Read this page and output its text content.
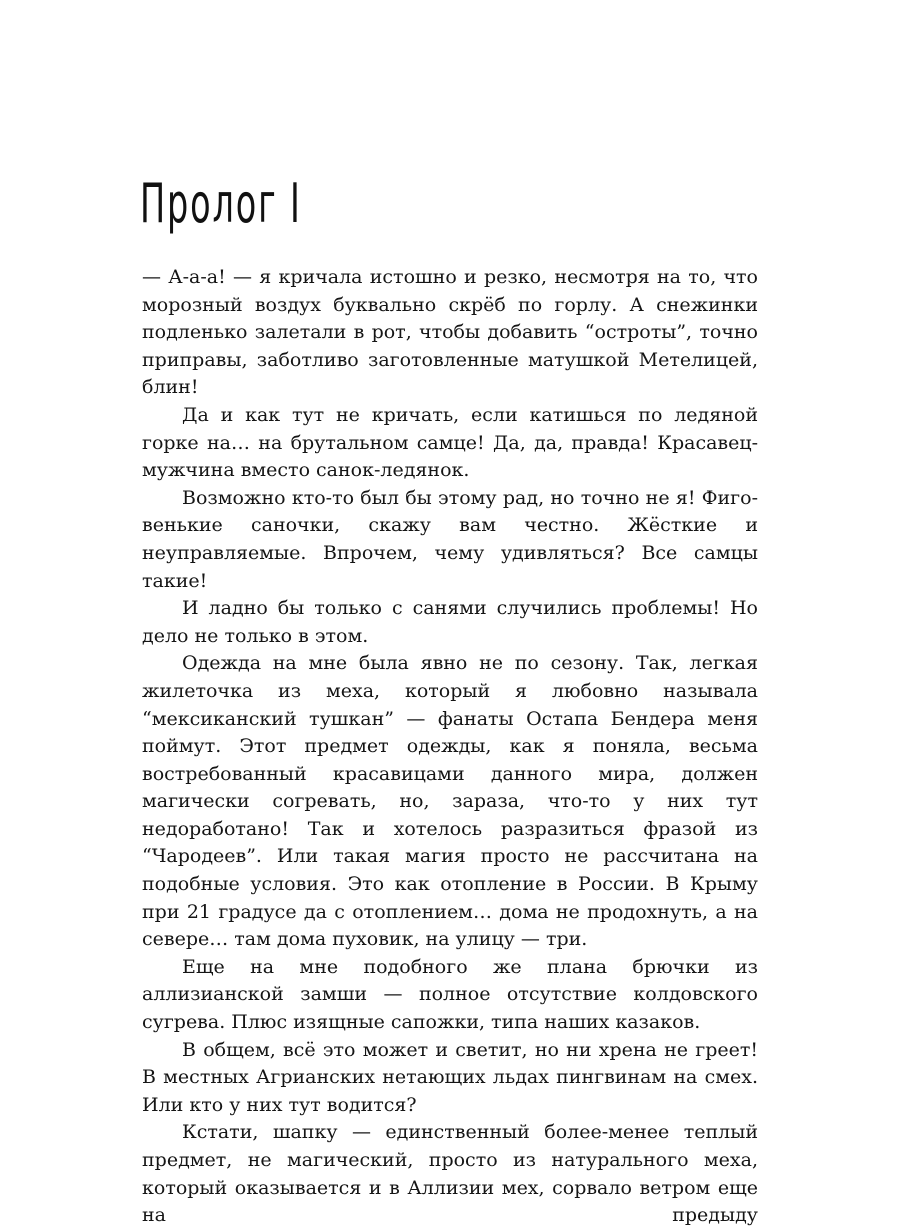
Пролог I

— А-а-а! — я кричала истошно и резко, несмотря на то, что морозный воздух буквально скрёб по горлу. А снежинки подленько залетали в рот, чтобы добавить “остроты”, точно приправы, заботливо заготовленные матушкой Метелицей, блин!

Да и как тут не кричать, если катишься по ледяной горке на… на брутальном самце! Да, да, правда! Красавец-мужчина вместо санок-ледянок.

Возможно кто-то был бы этому рад, но точно не я! Фиговенькие саночки, скажу вам честно. Жёсткие и неуправляемые. Впрочем, чему удивляться? Все самцы такие!

И ладно бы только с санями случились проблемы! Но дело не только в этом.

Одежда на мне была явно не по сезону. Так, легкая жилеточка из меха, который я любовно называла “мексиканский тушкан” — фанаты Остапа Бендера меня поймут. Этот предмет одежды, как я поняла, весьма востребованный красавицами данного мира, должен магически согревать, но, зараза, что-то у них тут недоработано! Так и хотелось разразиться фразой из “Чародеев”. Или такая магия просто не рассчитана на подобные условия. Это как отопление в России. В Крыму при 21 градусе да с отоплением… дома не продохнуть, а на севере… там дома пуховик, на улицу — три.

Еще на мне подобного же плана брючки из аллизианской замши — полное отсутствие колдовского сугрева. Плюс изящные сапожки, типа наших казаков.

В общем, всё это может и светит, но ни хрена не греет! В местных Агрианских нетающих льдах пингвинам на смех. Или кто у них тут водится?

Кстати, шапку — единственный более-менее теплый предмет, не магический, просто из натурального меха, который оказывается и в Аллизии мех, сорвало ветром еще на предыду
